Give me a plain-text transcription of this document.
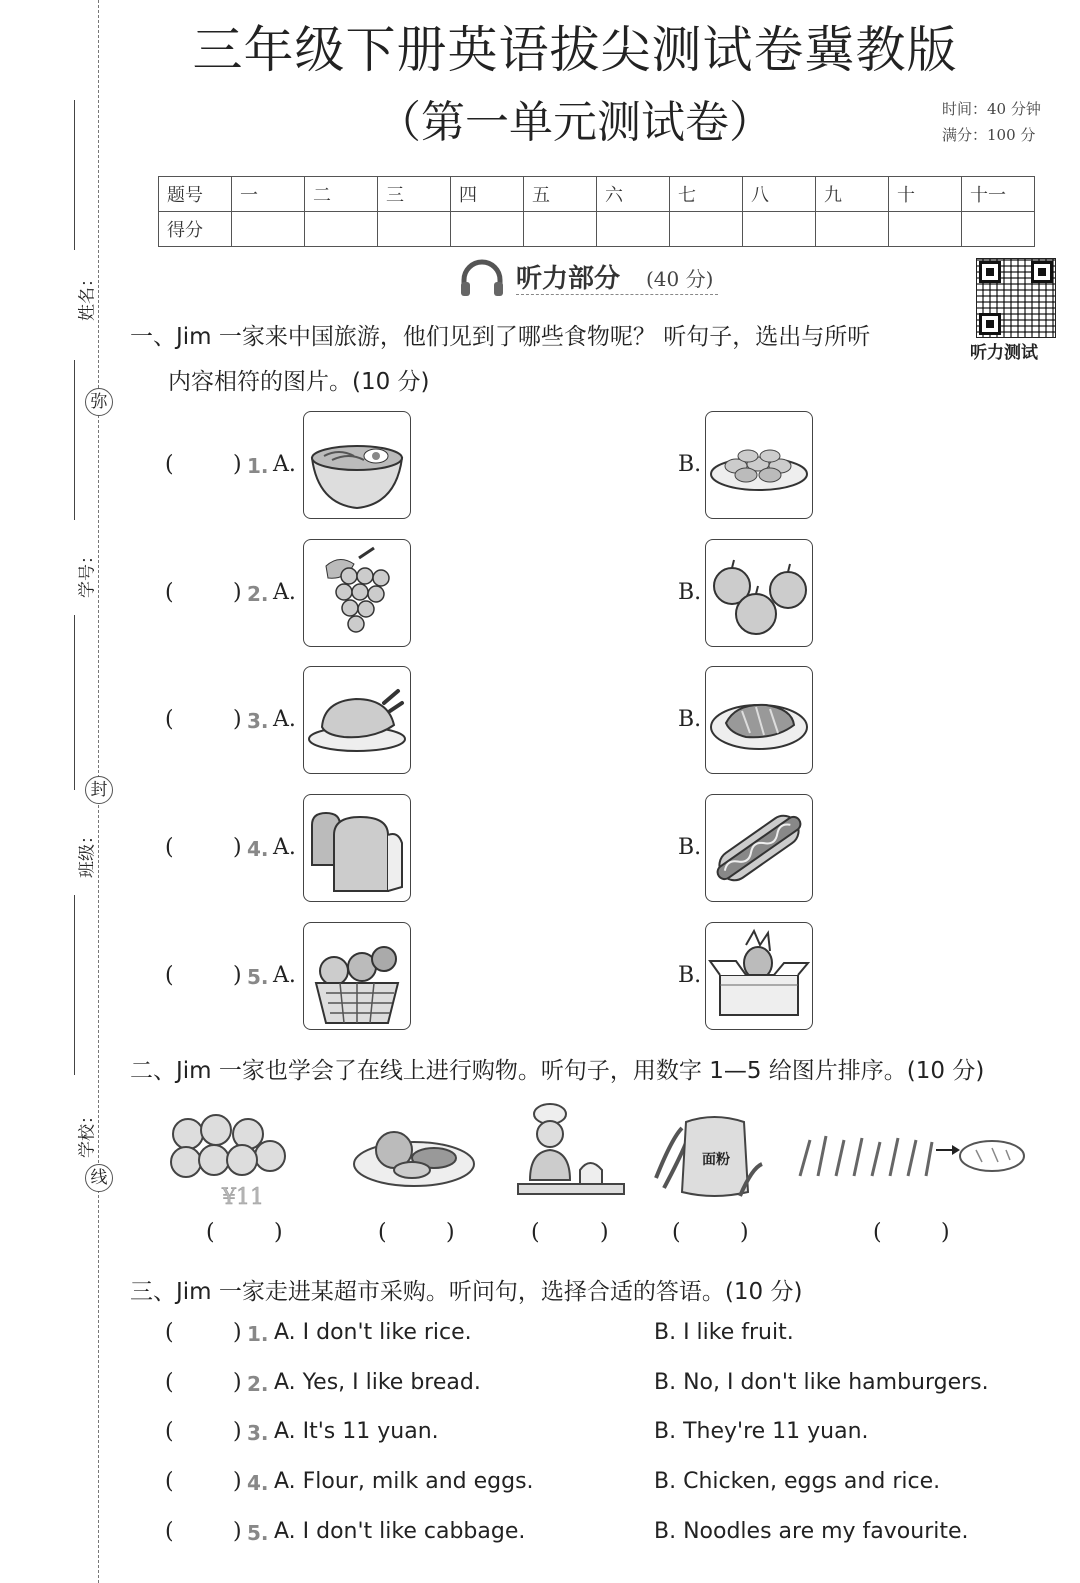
弥
封
线
姓名：
学号：
班级：
学校：
三年级下册英语拔尖测试卷冀教版
（第一单元测试卷）	时间：40 分钟
满分：100 分
题号	一	二	三	四	五	六	七	八	九	十	十一
得分											
听力部分 (40 分)
听力测试
一、Jim 一家来中国旅游，他们见到了哪些食物呢？ 听句子，选出与所听
内容相符的图片。(10 分)
(	) 1. A.	B.
(	) 2. A.	B.
(	) 3. A.	B.
(	) 4. A.	B.
(	) 5. A.	B.
二、Jim 一家也学会了在线上进行购物。听句子，用数字 1—5 给图片排序。(10 分)
¥11
面粉
(	)	(	)	(	)	(	)	(	)
三、Jim 一家走进某超市采购。听问句，选择合适的答语。(10 分)
(	) 1. A. I don't like rice.	B. I like fruit.
(	) 2. A. Yes, I like bread.	B. No, I don't like hamburgers.
(	) 3. A. It's 11 yuan.	B. They're 11 yuan.
(	) 4. A. Flour, milk and eggs.	B. Chicken, eggs and rice.
(	) 5. A. I don't like cabbage.	B. Noodles are my favourite.
